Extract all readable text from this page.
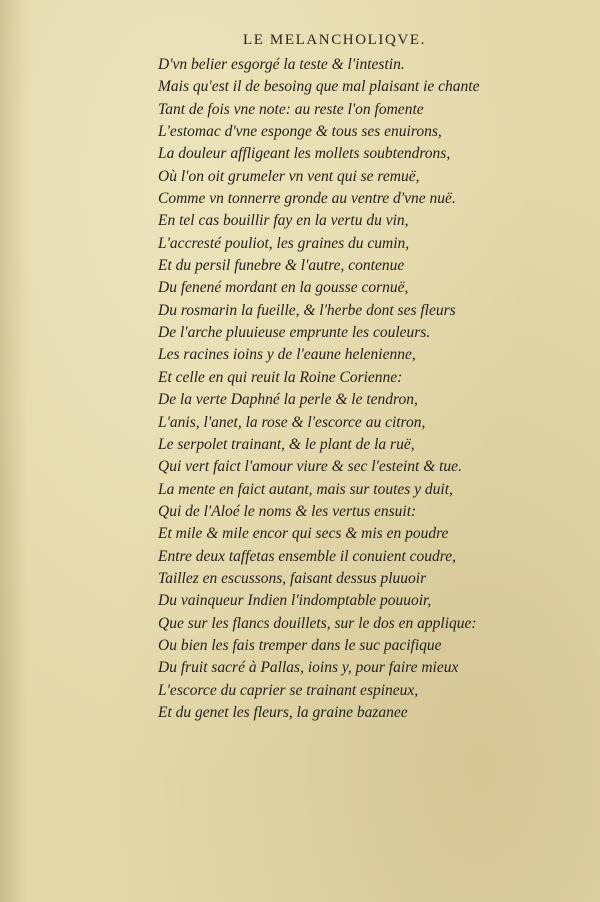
LE MELANCHOLIQVE.
D'vn belier esgorgé la teste & l'intestin.
Mais qu'est il de besoing que mal plaisant ie chante
Tant de fois vne note: au reste l'on fomente
L'estomac d'vne esponge & tous ses enuirons,
La douleur affligeant les mollets soubtendrons,
Où l'on oit grumeler vn vent qui se remuë,
Comme vn tonnerre gronde au ventre d'vne nuë.
En tel cas bouillir fay en la vertu du vin,
L'accresté pouliot, les graines du cumin,
Et du persil funebre & l'autre, contenue
Du fenené mordant en la gousse cornuë,
Du rosmarin la fueille, & l'herbe dont ses fleurs
De l'arche pluuieuse emprunte les couleurs.
Les racines ioins y de l'eaune helenienne,
Et celle en qui reuit la Roine Corienne:
De la verte Daphné la perle & le tendron,
L'anis, l'anet, la rose & l'escorce au citron,
Le serpolet trainant, & le plant de la ruë,
Qui vert faict l'amour viure & sec l'esteint & tue.
La mente en faict autant, mais sur toutes y duit,
Qui de l'Aloé le noms & les vertus ensuit:
Et mile & mile encor qui secs & mis en poudre
Entre deux taffetas ensemble il conuient coudre,
Taillez en escussons, faisant dessus pluuoir
Du vainqueur Indien l'indomptable pouuoir,
Que sur les flancs douillets, sur le dos en applique:
Ou bien les fais tremper dans le suc pacifique
Du fruit sacré à Pallas, ioins y, pour faire mieux
L'escorce du caprier se trainant espineux,
Et du genet les fleurs, la graine bazanee
